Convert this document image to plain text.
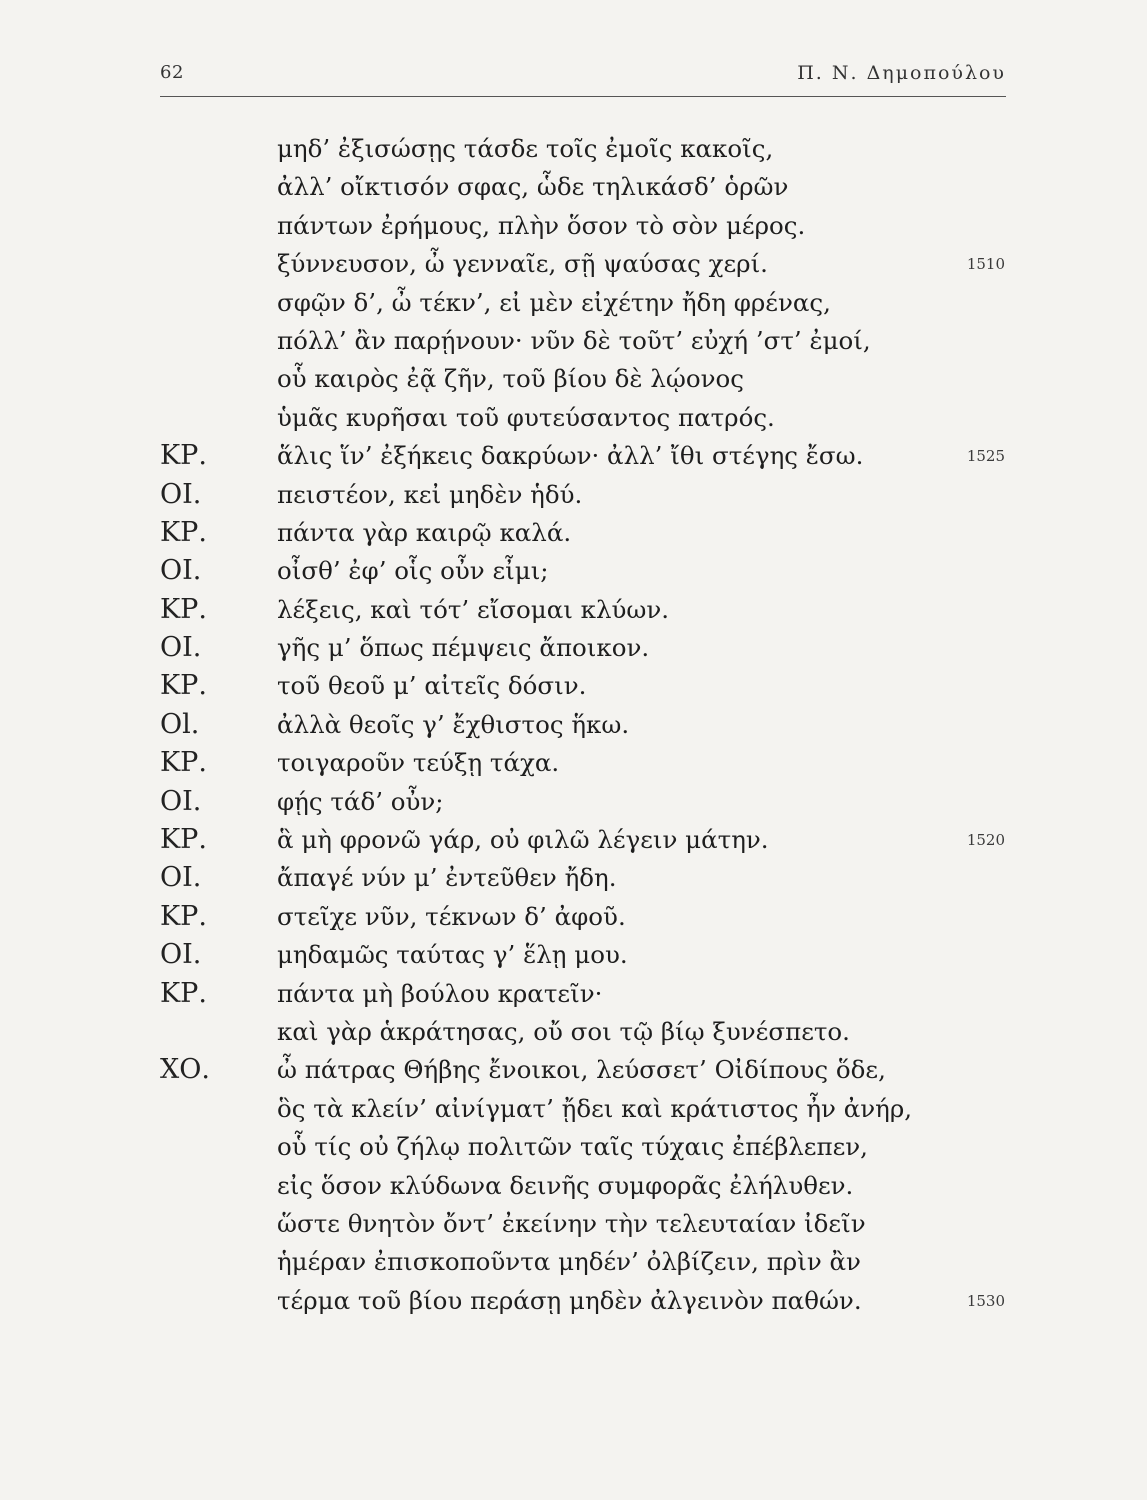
62	Π. Ν. Δημοπούλου
μηδ’ ἐξισώσῃς τάσδε τοῖς ἐμοῖς κακοῖς,
ἀλλ’ οἴκτισόν σφας, ὧδε τηλικάσδ’ ὁρῶν
πάντων ἐρήμους, πλὴν ὅσον τὸ σὸν μέρος.
ξύννευσον, ὦ γενναῖε, σῇ ψαύσας χερί.	1510
σφῷν δ’, ὦ τέκν’, εἰ μὲν εἰχέτην ἤδη φρένας,
πόλλ’ ἂν παρῄνουν· νῦν δὲ τοῦτ’ εὐχή ’στ’ ἐμοί,
οὗ καιρὸς ἐᾷ ζῆν, τοῦ βίου δὲ λῴονος
ὑμᾶς κυρῆσαι τοῦ φυτεύσαντος πατρός.
ΚΡ.	ἅλις ἵν’ ἐξήκεις δακρύων· ἀλλ’ ἴθι στέγης ἔσω.	1525
ΟΙ.	πειστέον, κεἰ μηδὲν ἡδύ.
ΚΡ.	πάντα γὰρ καιρῷ καλά.
ΟΙ.	οἶσθ’ ἐφ’ οἷς οὖν εἶμι;
ΚΡ.	λέξεις, καὶ τότ’ εἴσομαι κλύων.
ΟΙ.	γῆς μ’ ὅπως πέμψεις ἄποικον.
ΚΡ.	τοῦ θεοῦ μ’ αἰτεῖς δόσιν.
Οl.	ἀλλὰ θεοῖς γ’ ἔχθιστος ἥκω.
ΚΡ.	τοιγαροῦν τεύξῃ τάχα.
ΟΙ.	φῄς τάδ’ οὖν;
ΚΡ.	ἃ μὴ φρονῶ γάρ, οὐ φιλῶ λέγειν μάτην.	1520
ΟΙ.	ἄπαγέ νύν μ’ ἐντεῦθεν ἤδη.
ΚΡ.	στεῖχε νῦν, τέκνων δ’ ἀφοῦ.
ΟΙ.	μηδαμῶς ταύτας γ’ ἕλῃ μου.
ΚΡ.	πάντα μὴ βούλου κρατεῖν·
καὶ γὰρ ἁκράτησας, οὔ σοι τῷ βίῳ ξυνέσπετο.
ΧΟ.	ὦ πάτρας Θήβης ἔνοικοι, λεύσσετ’ Οἰδίπους ὅδε,
ὃς τὰ κλείν’ αἰνίγματ’ ᾔδει καὶ κράτιστος ἦν ἀνήρ,
οὗ τίς οὐ ζήλῳ πολιτῶν ταῖς τύχαις ἐπέβλεπεν,
εἰς ὅσον κλύδωνα δεινῆς συμφορᾶς ἐλήλυθεν.
ὥστε θνητὸν ὄντ’ ἐκείνην τὴν τελευταίαν ἰδεῖν
ἡμέραν ἐπισκοποῦντα μηδέν’ ὀλβίζειν, πρὶν ἂν
τέρμα τοῦ βίου περάσῃ μηδὲν ἀλγεινὸν παθών.	1530
